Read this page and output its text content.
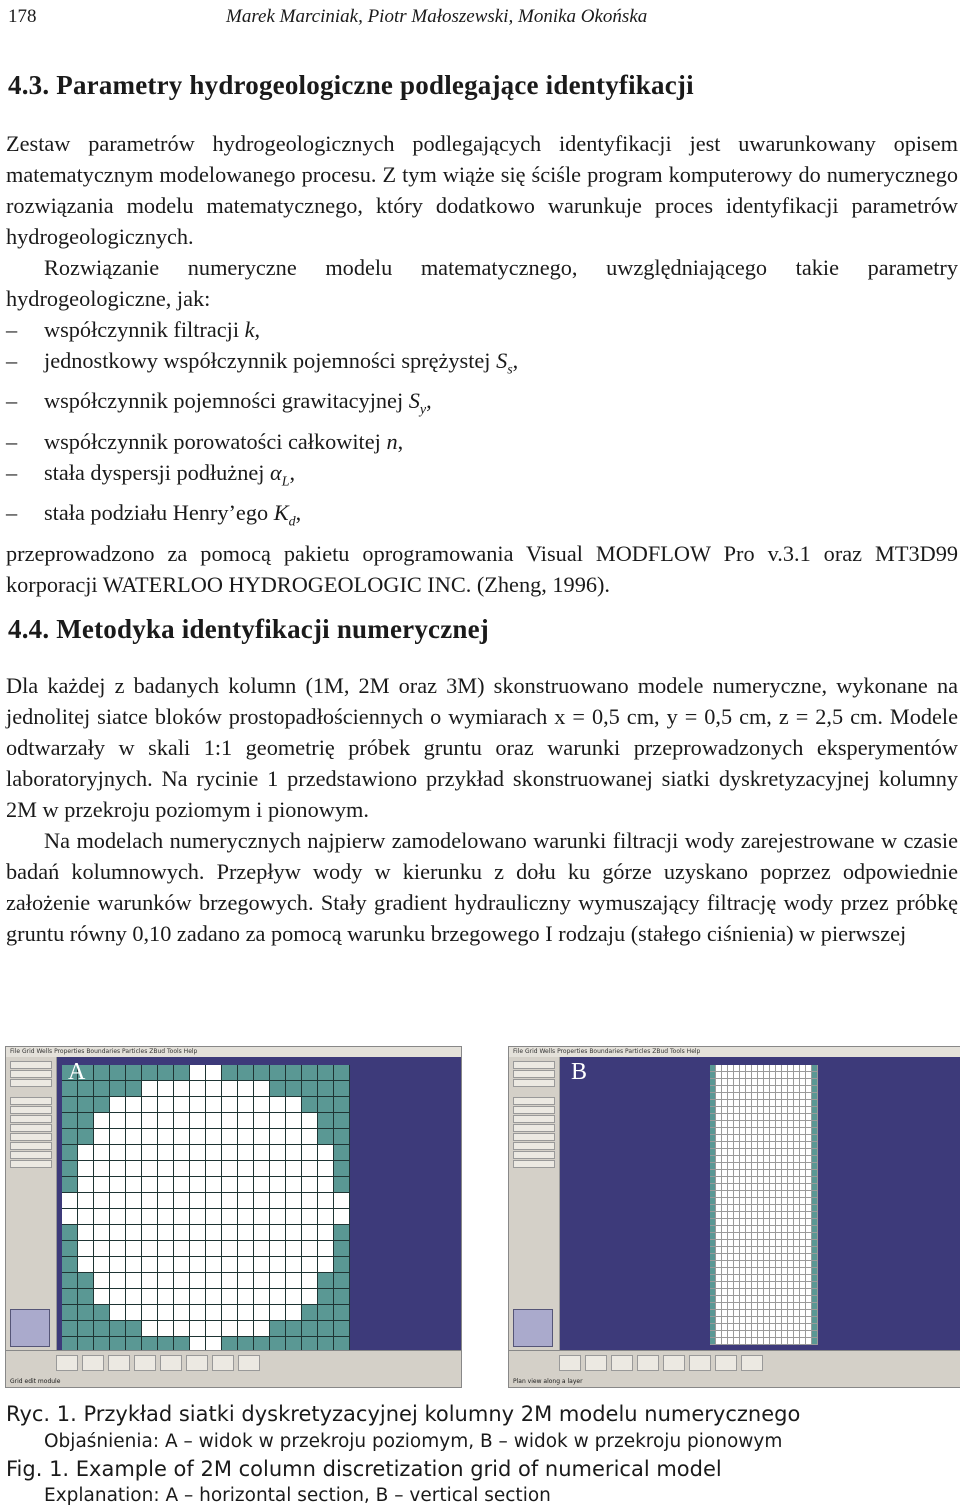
178	Marek Marciniak, Piotr Małoszewski, Monika Okońska
4.3. Parametry hydrogeologiczne podlegające identyfikacji

Zestaw parametrów hydrogeologicznych podlegających identyfikacji jest uwarunkowany opisem matematycznym modelowanego procesu. Z tym wiąże się ściśle program komputerowy do numerycznego rozwiązania modelu matematycznego, który dodatkowo warunkuje proces identyfikacji parametrów hydrogeologicznych.

Rozwiązanie numeryczne modelu matematycznego, uwzględniającego takie parametry hydrogeologiczne, jak:

– współczynnik filtracji k,
– jednostkowy współczynnik pojemności sprężystej $S_s$,
– współczynnik pojemności grawitacyjnej $S_y$,
– współczynnik porowatości całkowitej n,
– stała dyspersji podłużnej $\alpha_L$,
– stała podziału Henry’ego $K_d$,

przeprowadzono za pomocą pakietu oprogramowania Visual MODFLOW Pro v.3.1 oraz MT3D99 korporacji WATERLOO HYDROGEOLOGIC INC. (Zheng, 1996).

4.4. Metodyka identyfikacji numerycznej

Dla każdej z badanych kolumn (1M, 2M oraz 3M) skonstruowano modele numeryczne, wykonane na jednolitej siatce bloków prostopadłościennych o wymiarach x = 0,5 cm, y = 0,5 cm, z = 2,5 cm. Modele odtwarzały w skali 1:1 geometrię próbek gruntu oraz warunki przeprowadzonych eksperymentów laboratoryjnych. Na rycinie 1 przedstawiono przykład skonstruowanej siatki dyskretyzacyjnej kolumny 2M w przekroju poziomym i pionowym.

Na modelach numerycznych najpierw zamodelowano warunki filtracji wody zarejestrowane w czasie badań kolumnowych. Przepływ wody w kierunku z dołu ku górze uzyskano poprzez odpowiednie założenie warunków brzegowych. Stały gradient hydrauliczny wymuszający filtrację wody przez próbkę gruntu równy 0,10 zadano za pomocą warunku brzegowego I rodzaju (stałego ciśnienia) w pierwszej

File Grid Wells Properties Boundaries Particles ZBud Tools Help
A
Grid edit module
File Grid Wells Properties Boundaries Particles ZBud Tools Help
B
Plan view along a layer
Ryc. 1. Przykład siatki dyskretyzacyjnej kolumny 2M modelu numerycznego
Objaśnienia: A – widok w przekroju poziomym, B – widok w przekroju pionowym
Fig. 1. Example of 2M column discretization grid of numerical model
Explanation: A – horizontal section, B – vertical section
